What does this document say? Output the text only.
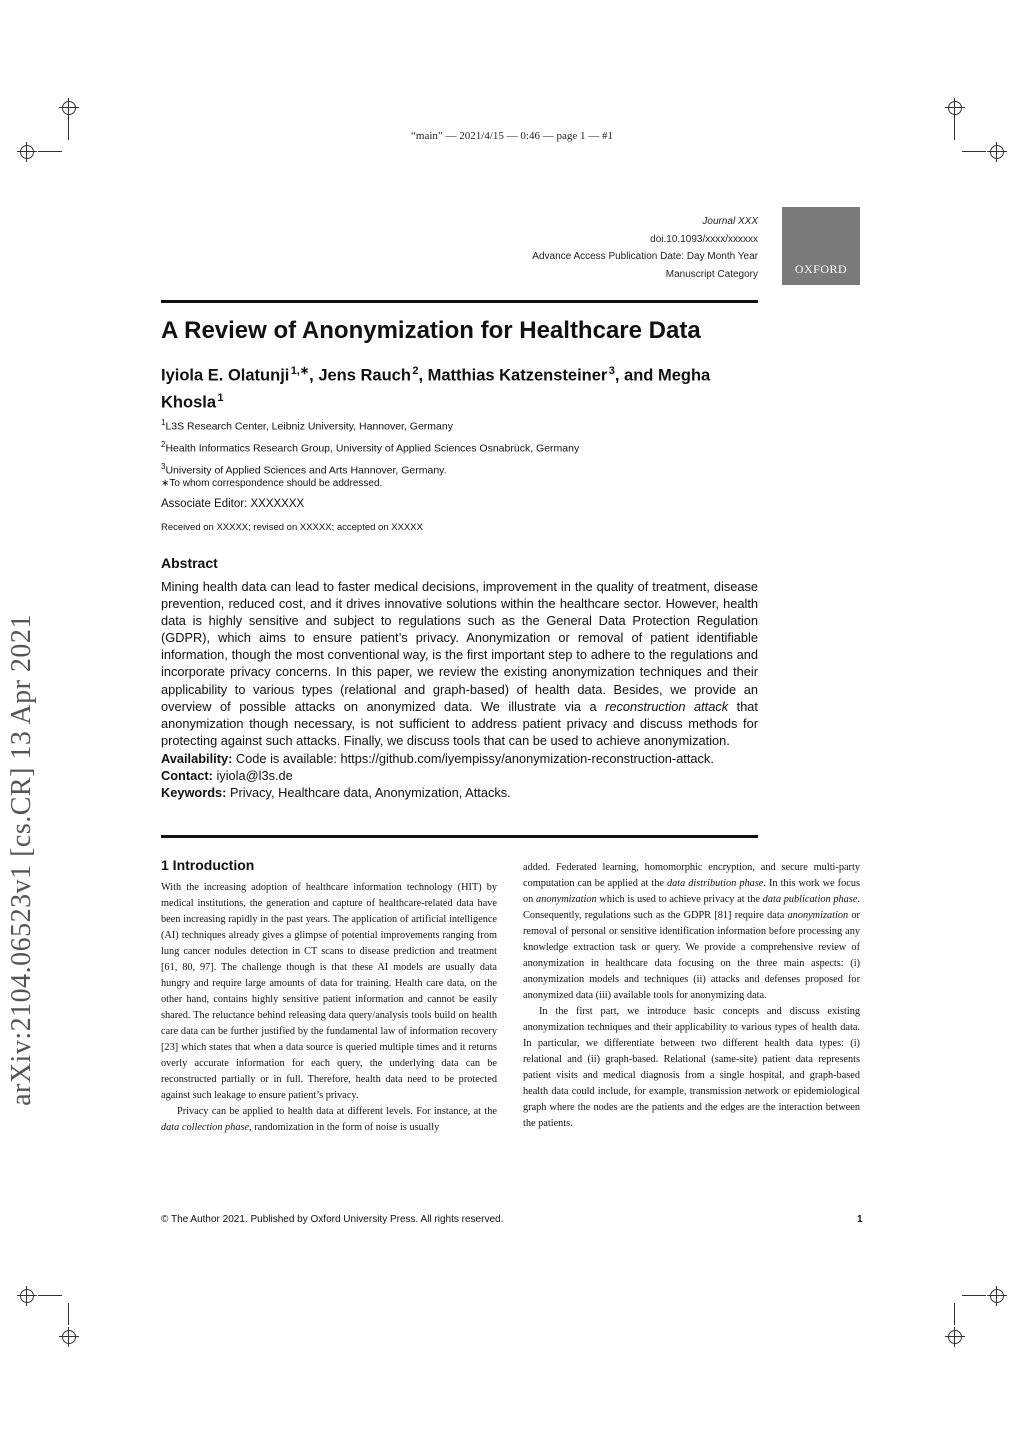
“main” — 2021/4/15 — 0:46 — page 1 — #1
Journal XXX
doi.10.1093/xxxx/xxxxxx
Advance Access Publication Date: Day Month Year
Manuscript Category	OXFORD
A Review of Anonymization for Healthcare Data
Iyiola E. Olatunji $^{1,∗}$, Jens Rauch $^2$, Matthias Katzensteiner $^3$, and Megha Khosla $^1$
$^1$L3S Research Center, Leibniz University, Hannover, Germany
$^2$Health Informatics Research Group, University of Applied Sciences Osnabrück, Germany
$^3$University of Applied Sciences and Arts Hannover, Germany.
∗To whom correspondence should be addressed.
Associate Editor: XXXXXXX
Received on XXXXX; revised on XXXXX; accepted on XXXXX
Abstract
Mining health data can lead to faster medical decisions, improvement in the quality of treatment, disease prevention, reduced cost, and it drives innovative solutions within the healthcare sector. However, health data is highly sensitive and subject to regulations such as the General Data Protection Regulation (GDPR), which aims to ensure patient’s privacy. Anonymization or removal of patient identifiable information, though the most conventional way, is the first important step to adhere to the regulations and incorporate privacy concerns. In this paper, we review the existing anonymization techniques and their applicability to various types (relational and graph-based) of health data. Besides, we provide an overview of possible attacks on anonymized data. We illustrate via a reconstruction attack that anonymization though necessary, is not sufficient to address patient privacy and discuss methods for protecting against such attacks. Finally, we discuss tools that can be used to achieve anonymization.
Availability: Code is available: https://github.com/iyempissy/anonymization-reconstruction-attack.
Contact: iyiola@l3s.de
Keywords: Privacy, Healthcare data, Anonymization, Attacks.
1 Introduction

With the increasing adoption of healthcare information technology (HIT) by medical institutions, the generation and capture of healthcare-related data have been increasing rapidly in the past years. The application of artificial intelligence (AI) techniques already gives a glimpse of potential improvements ranging from lung cancer nodules detection in CT scans to disease prediction and treatment [61, 80, 97]. The challenge though is that these AI models are usually data hungry and require large amounts of data for training. Health care data, on the other hand, contains highly sensitive patient information and cannot be easily shared. The reluctance behind releasing data query/analysis tools build on health care data can be further justified by the fundamental law of information recovery [23] which states that when a data source is queried multiple times and it returns overly accurate information for each query, the underlying data can be reconstructed partially or in full. Therefore, health data need to be protected against such leakage to ensure patient’s privacy.

Privacy can be applied to health data at different levels. For instance, at the data collection phase, randomization in the form of noise is usually

added. Federated learning, homomorphic encryption, and secure multi-party computation can be applied at the data distribution phase. In this work we focus on anonymization which is used to achieve privacy at the data publication phase. Consequently, regulations such as the GDPR [81] require data anonymization or removal of personal or sensitive identification information before processing any knowledge extraction task or query. We provide a comprehensive review of anonymization in healthcare data focusing on the three main aspects: (i) anonymization models and techniques (ii) attacks and defenses proposed for anonymized data (iii) available tools for anonymizing data.

In the first part, we introduce basic concepts and discuss existing anonymization techniques and their applicability to various types of health data. In particular, we differentiate between two different health data types: (i) relational and (ii) graph-based. Relational (same-site) patient data represents patient visits and medical diagnosis from a single hospital, and graph-based health data could include, for example, transmission network or epidemiological graph where the nodes are the patients and the edges are the interaction between the patients.

© The Author 2021. Published by Oxford University Press. All rights reserved.	1
arXiv:2104.06523v1 [cs.CR] 13 Apr 2021
